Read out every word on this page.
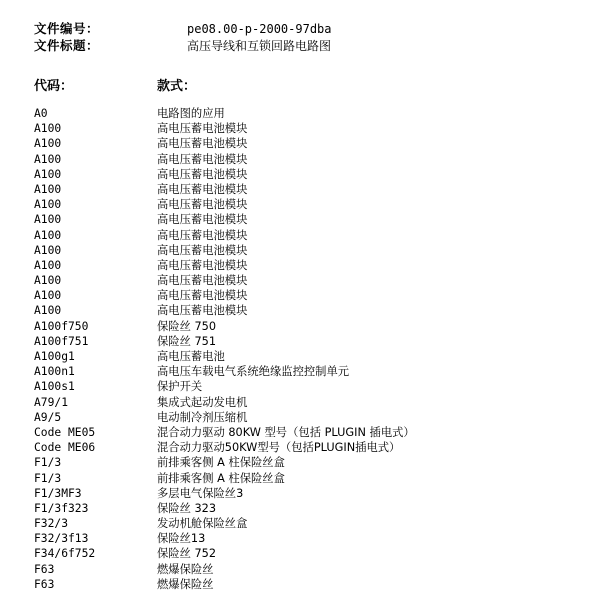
文件编号：	pe08.00-p-2000-97dba
文件标题：	高压导线和互锁回路电路图
代码：	款式：
A0	电路图的应用
A100	高电压蓄电池模块
A100	高电压蓄电池模块
A100	高电压蓄电池模块
A100	高电压蓄电池模块
A100	高电压蓄电池模块
A100	高电压蓄电池模块
A100	高电压蓄电池模块
A100	高电压蓄电池模块
A100	高电压蓄电池模块
A100	高电压蓄电池模块
A100	高电压蓄电池模块
A100	高电压蓄电池模块
A100	高电压蓄电池模块
A100f750	保险丝 750
A100f751	保险丝 751
A100g1	高电压蓄电池
A100n1	高电压车载电气系统绝缘监控控制单元
A100s1	保护开关
A79/1	集成式起动发电机
A9/5	电动制冷剂压缩机
Code ME05	混合动力驱动 80KW 型号（包括 PLUGIN 插电式）
Code ME06	混合动力驱动50KW型号（包括PLUGIN插电式）
F1/3	前排乘客侧 A 柱保险丝盒
F1/3	前排乘客侧 A 柱保险丝盒
F1/3MF3	多层电气保险丝3
F1/3f323	保险丝 323
F32/3	发动机舱保险丝盒
F32/3f13	保险丝13
F34/6f752	保险丝 752
F63	燃爆保险丝
F63	燃爆保险丝
